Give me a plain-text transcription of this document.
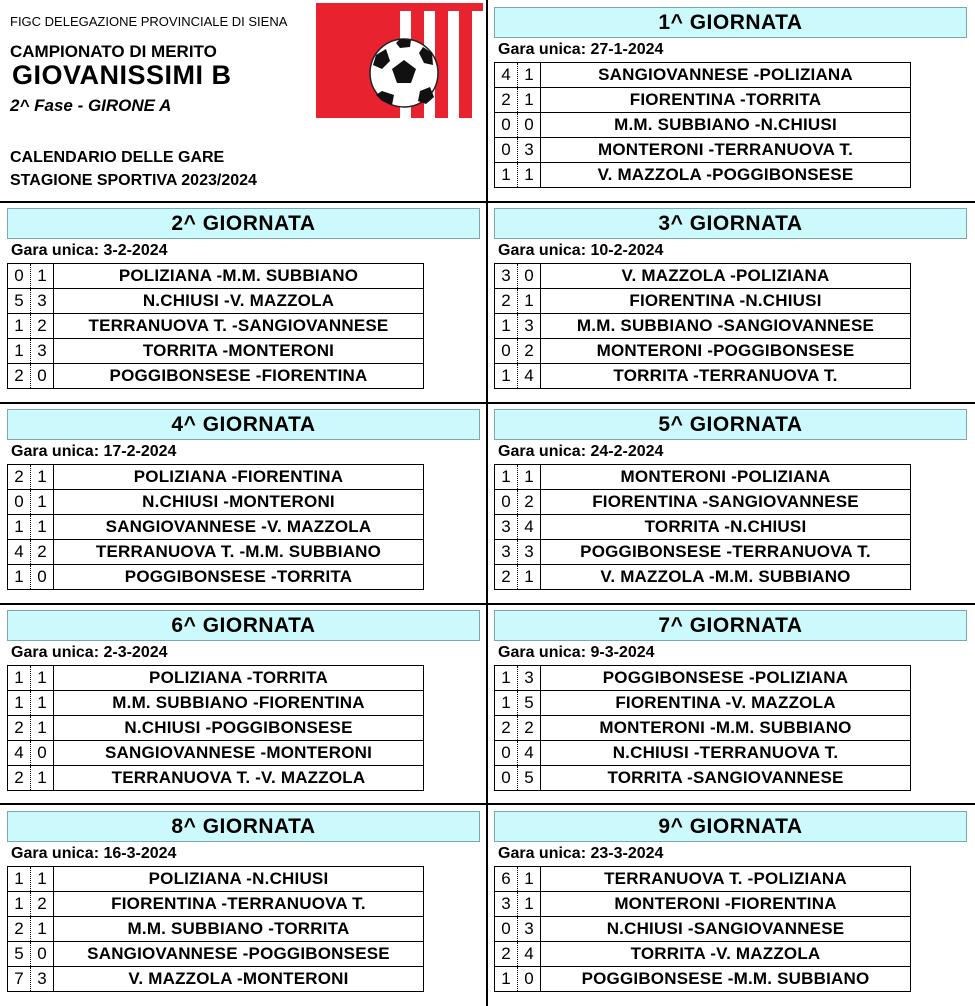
FIGC DELEGAZIONE PROVINCIALE DI SIENA
CAMPIONATO DI MERITO
GIOVANISSIMI B
2^ Fase - GIRONE A
CALENDARIO DELLE GARE
STAGIONE SPORTIVA 2023/2024
1^ GIORNATA
Gara unica: 27-1-2024
4	1	SANGIOVANNESE -POLIZIANA
2	1	FIORENTINA -TORRITA
0	0	M.M. SUBBIANO -N.CHIUSI
0	3	MONTERONI -TERRANUOVA T.
1	1	V. MAZZOLA -POGGIBONSESE
2^ GIORNATA
Gara unica: 3-2-2024
0	1	POLIZIANA -M.M. SUBBIANO
5	3	N.CHIUSI -V. MAZZOLA
1	2	TERRANUOVA T. -SANGIOVANNESE
1	3	TORRITA -MONTERONI
2	0	POGGIBONSESE -FIORENTINA
3^ GIORNATA
Gara unica: 10-2-2024
3	0	V. MAZZOLA -POLIZIANA
2	1	FIORENTINA -N.CHIUSI
1	3	M.M. SUBBIANO -SANGIOVANNESE
0	2	MONTERONI -POGGIBONSESE
1	4	TORRITA -TERRANUOVA T.
4^ GIORNATA
Gara unica: 17-2-2024
2	1	POLIZIANA -FIORENTINA
0	1	N.CHIUSI -MONTERONI
1	1	SANGIOVANNESE -V. MAZZOLA
4	2	TERRANUOVA T. -M.M. SUBBIANO
1	0	POGGIBONSESE -TORRITA
5^ GIORNATA
Gara unica: 24-2-2024
1	1	MONTERONI -POLIZIANA
0	2	FIORENTINA -SANGIOVANNESE
3	4	TORRITA -N.CHIUSI
3	3	POGGIBONSESE -TERRANUOVA T.
2	1	V. MAZZOLA -M.M. SUBBIANO
6^ GIORNATA
Gara unica: 2-3-2024
1	1	POLIZIANA -TORRITA
1	1	M.M. SUBBIANO -FIORENTINA
2	1	N.CHIUSI -POGGIBONSESE
4	0	SANGIOVANNESE -MONTERONI
2	1	TERRANUOVA T. -V. MAZZOLA
7^ GIORNATA
Gara unica: 9-3-2024
1	3	POGGIBONSESE -POLIZIANA
1	5	FIORENTINA -V. MAZZOLA
2	2	MONTERONI -M.M. SUBBIANO
0	4	N.CHIUSI -TERRANUOVA T.
0	5	TORRITA -SANGIOVANNESE
8^ GIORNATA
Gara unica: 16-3-2024
1	1	POLIZIANA -N.CHIUSI
1	2	FIORENTINA -TERRANUOVA T.
2	1	M.M. SUBBIANO -TORRITA
5	0	SANGIOVANNESE -POGGIBONSESE
7	3	V. MAZZOLA -MONTERONI
9^ GIORNATA
Gara unica: 23-3-2024
6	1	TERRANUOVA T. -POLIZIANA
3	1	MONTERONI -FIORENTINA
0	3	N.CHIUSI -SANGIOVANNESE
2	4	TORRITA -V. MAZZOLA
1	0	POGGIBONSESE -M.M. SUBBIANO
